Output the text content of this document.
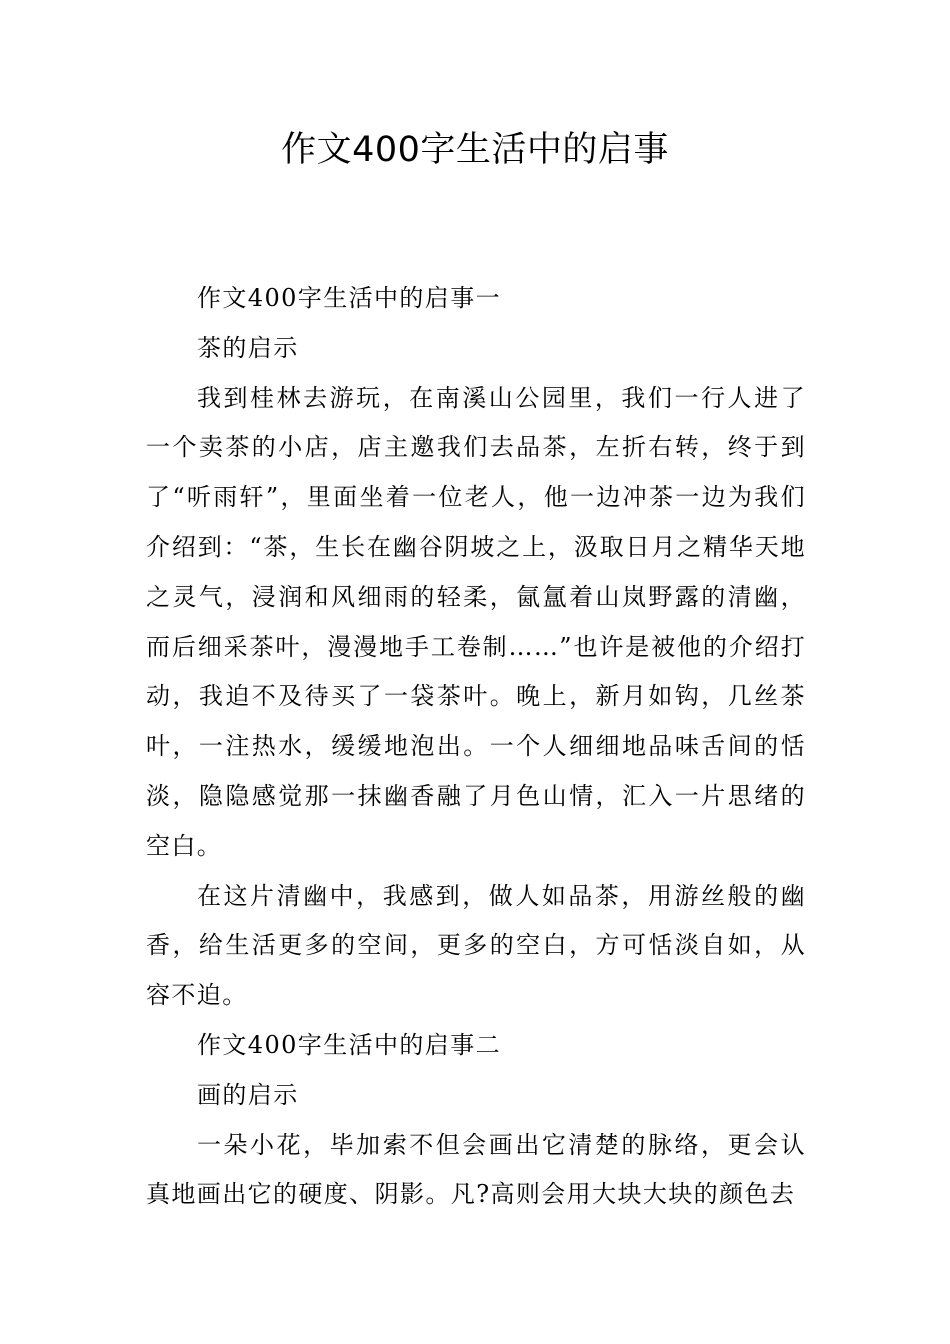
作文400字生活中的启事

作文400字生活中的启事一

茶的启示

我到桂林去游玩，在南溪山公园里，我们一行人进了一个卖茶的小店，店主邀我们去品茶，左折右转，终于到了“听雨轩”，里面坐着一位老人，他一边冲茶一边为我们介绍到：“茶，生长在幽谷阴坡之上，汲取日月之精华天地之灵气，浸润和风细雨的轻柔，氤氲着山岚野露的清幽，而后细采茶叶，漫漫地手工卷制……”也许是被他的介绍打动，我迫不及待买了一袋茶叶。晚上，新月如钩，几丝茶叶，一注热水，缓缓地泡出。一个人细细地品味舌间的恬淡，隐隐感觉那一抹幽香融了月色山情，汇入一片思绪的空白。

在这片清幽中，我感到，做人如品茶，用游丝般的幽香，给生活更多的空间，更多的空白，方可恬淡自如，从容不迫。

作文400字生活中的启事二

画的启示

一朵小花，毕加索不但会画出它清楚的脉络，更会认真地画出它的硬度、阴影。凡?高则会用大块大块的颜色去
